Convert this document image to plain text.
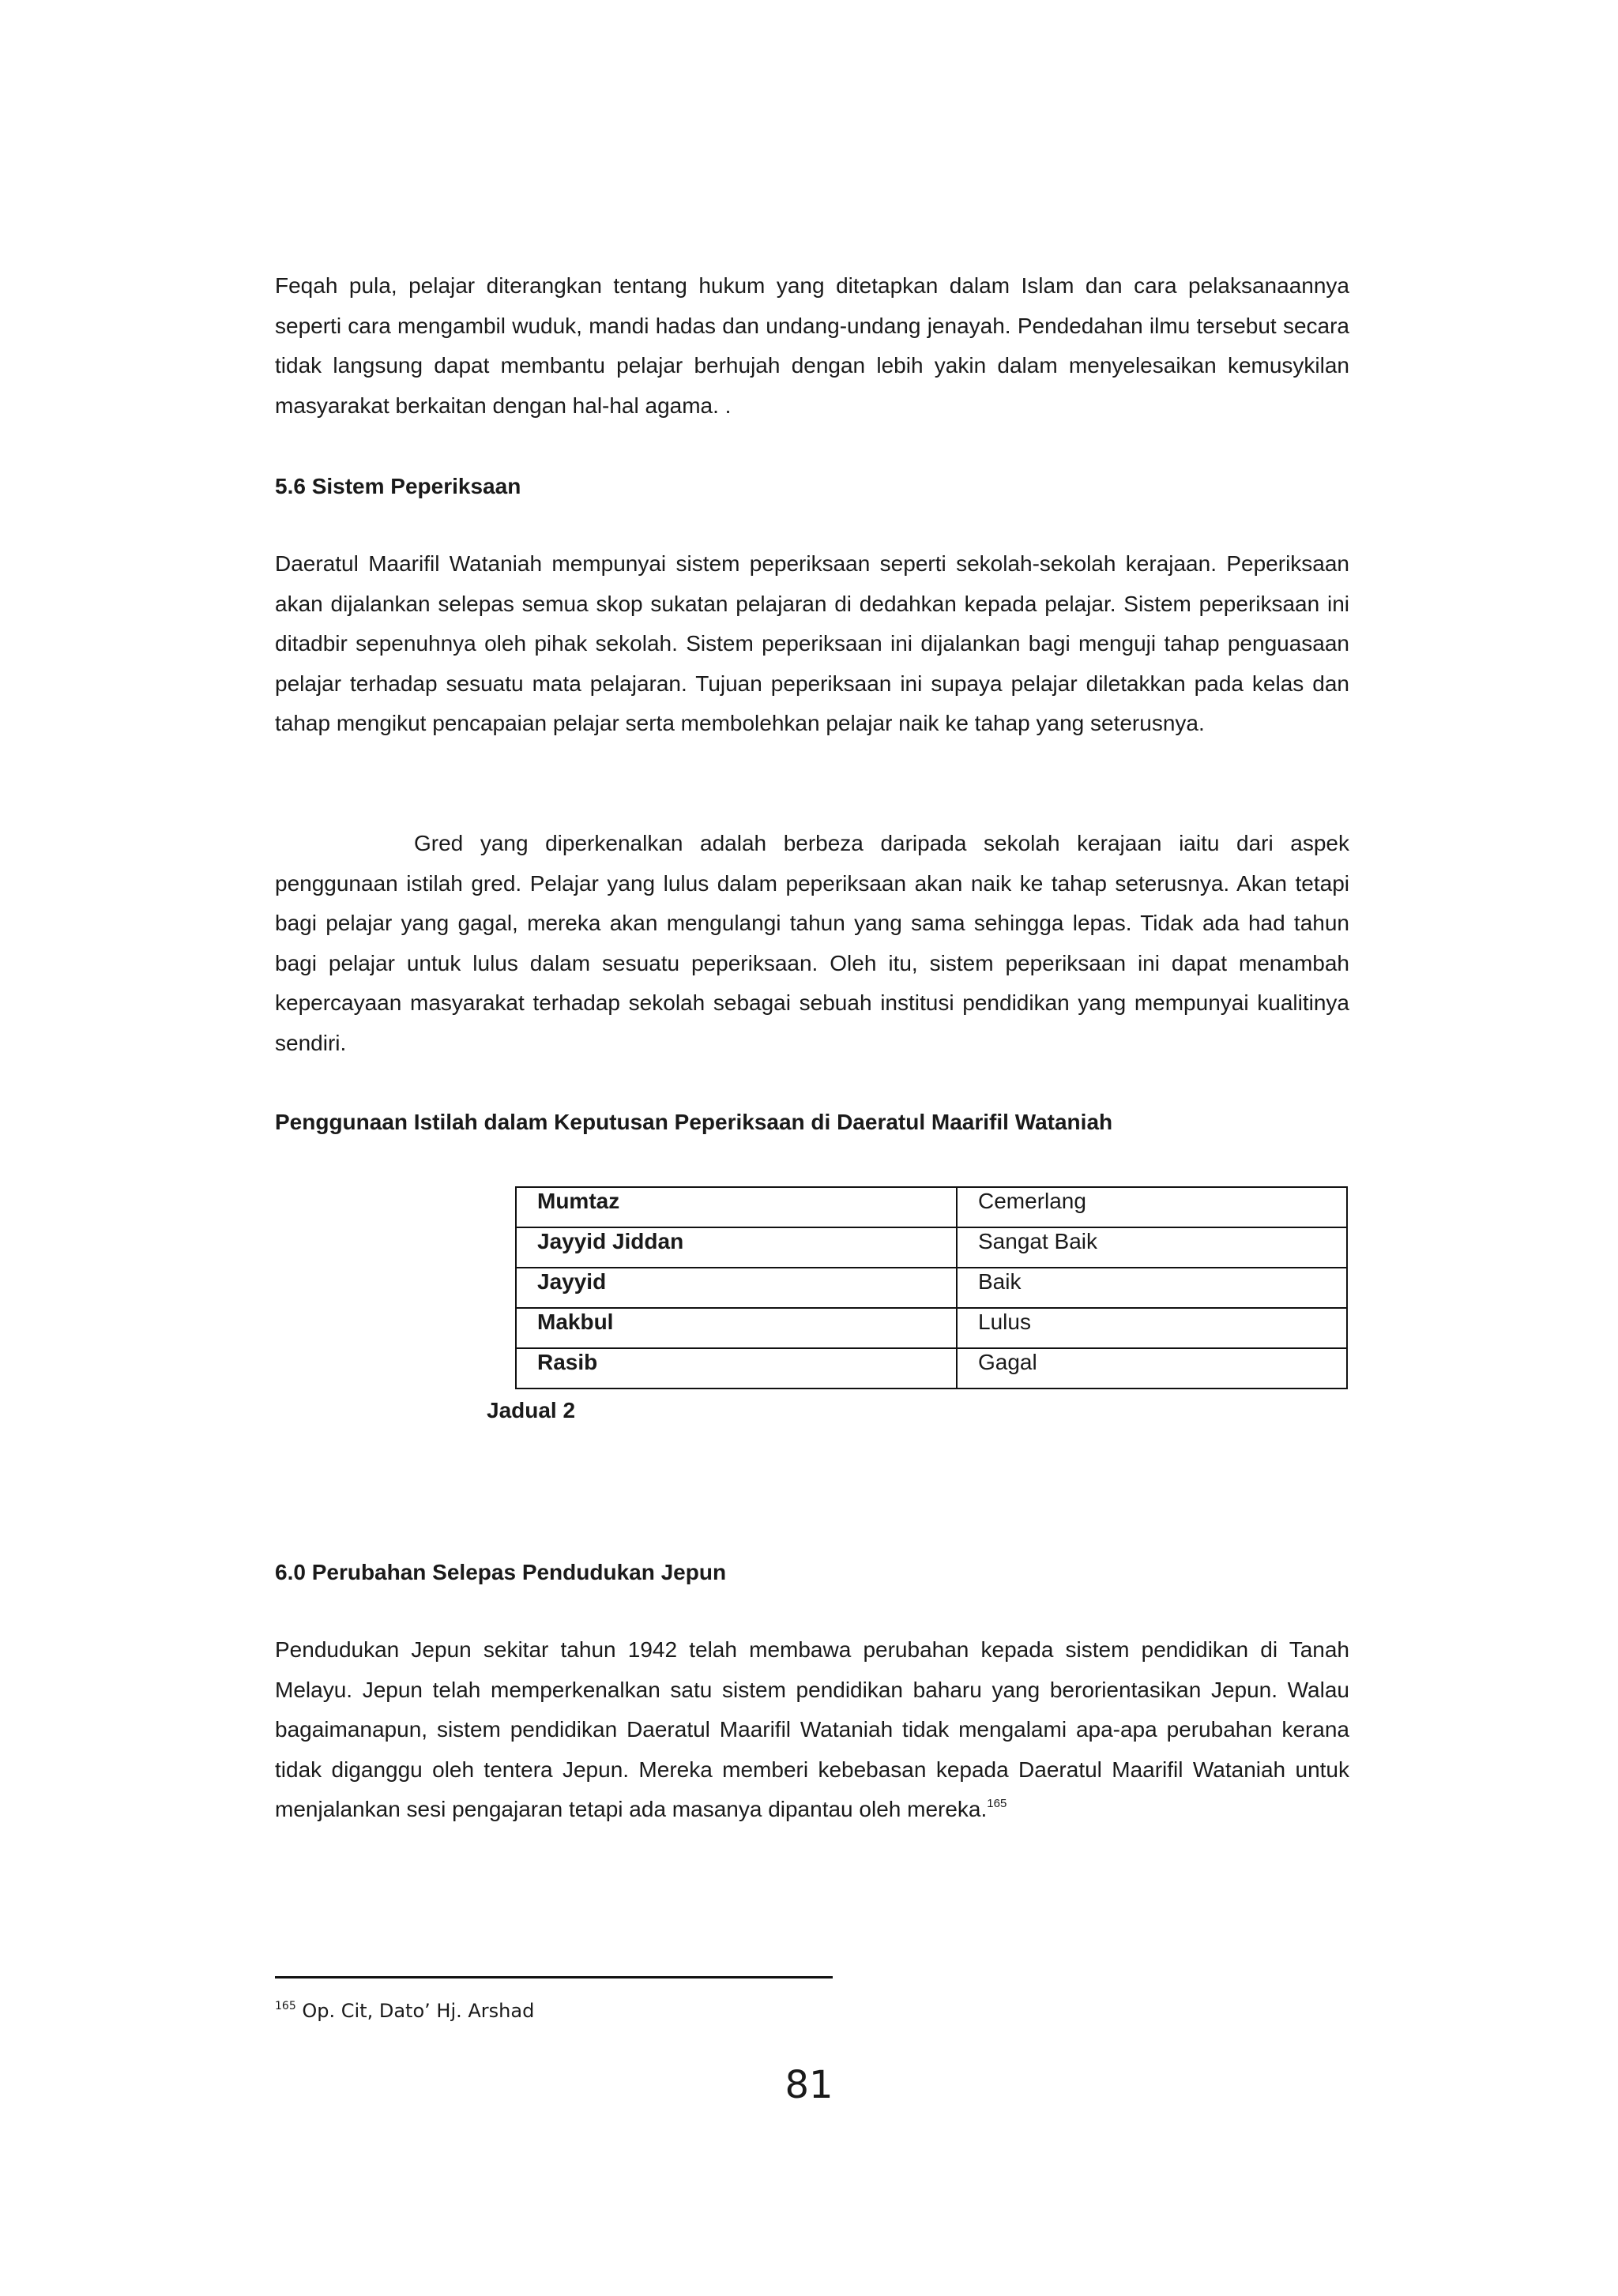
Feqah pula, pelajar diterangkan tentang hukum yang ditetapkan dalam Islam dan cara pelaksanaannya seperti cara mengambil wuduk, mandi hadas dan undang-undang jenayah. Pendedahan ilmu tersebut secara tidak langsung dapat membantu pelajar berhujah dengan lebih yakin dalam menyelesaikan kemusykilan masyarakat berkaitan dengan hal-hal agama. .

5.6 Sistem Peperiksaan

Daeratul Maarifil Wataniah mempunyai sistem peperiksaan seperti sekolah-sekolah kerajaan. Peperiksaan akan dijalankan selepas semua skop sukatan pelajaran di dedahkan kepada pelajar. Sistem peperiksaan ini ditadbir sepenuhnya oleh pihak sekolah. Sistem peperiksaan ini dijalankan bagi menguji tahap penguasaan pelajar terhadap sesuatu mata pelajaran. Tujuan peperiksaan ini supaya pelajar diletakkan pada kelas dan tahap mengikut pencapaian pelajar serta membolehkan pelajar naik ke tahap yang seterusnya.

Gred yang diperkenalkan adalah berbeza daripada sekolah kerajaan iaitu dari aspek penggunaan istilah gred. Pelajar yang lulus dalam peperiksaan akan naik ke tahap seterusnya. Akan tetapi bagi pelajar yang gagal, mereka akan mengulangi tahun yang sama sehingga lepas. Tidak ada had tahun bagi pelajar untuk lulus dalam sesuatu peperiksaan. Oleh itu, sistem peperiksaan ini dapat menambah kepercayaan masyarakat terhadap sekolah sebagai sebuah institusi pendidikan yang mempunyai kualitinya sendiri.

Penggunaan Istilah dalam Keputusan Peperiksaan di Daeratul Maarifil Wataniah
Mumtaz	Cemerlang
Jayyid Jiddan	Sangat Baik
Jayyid	Baik
Makbul	Lulus
Rasib	Gagal
Jadual 2
6.0 Perubahan Selepas Pendudukan Jepun

Pendudukan Jepun sekitar tahun 1942 telah membawa perubahan kepada sistem pendidikan di Tanah Melayu. Jepun telah memperkenalkan satu sistem pendidikan baharu yang berorientasikan Jepun. Walau bagaimanapun, sistem pendidikan Daeratul Maarifil Wataniah tidak mengalami apa-apa perubahan kerana tidak diganggu oleh tentera Jepun. Mereka memberi kebebasan kepada Daeratul Maarifil Wataniah untuk menjalankan sesi pengajaran tetapi ada masanya dipantau oleh mereka.$^{165}$

$^{165}$ Op. Cit, Dato’ Hj. Arshad
81
